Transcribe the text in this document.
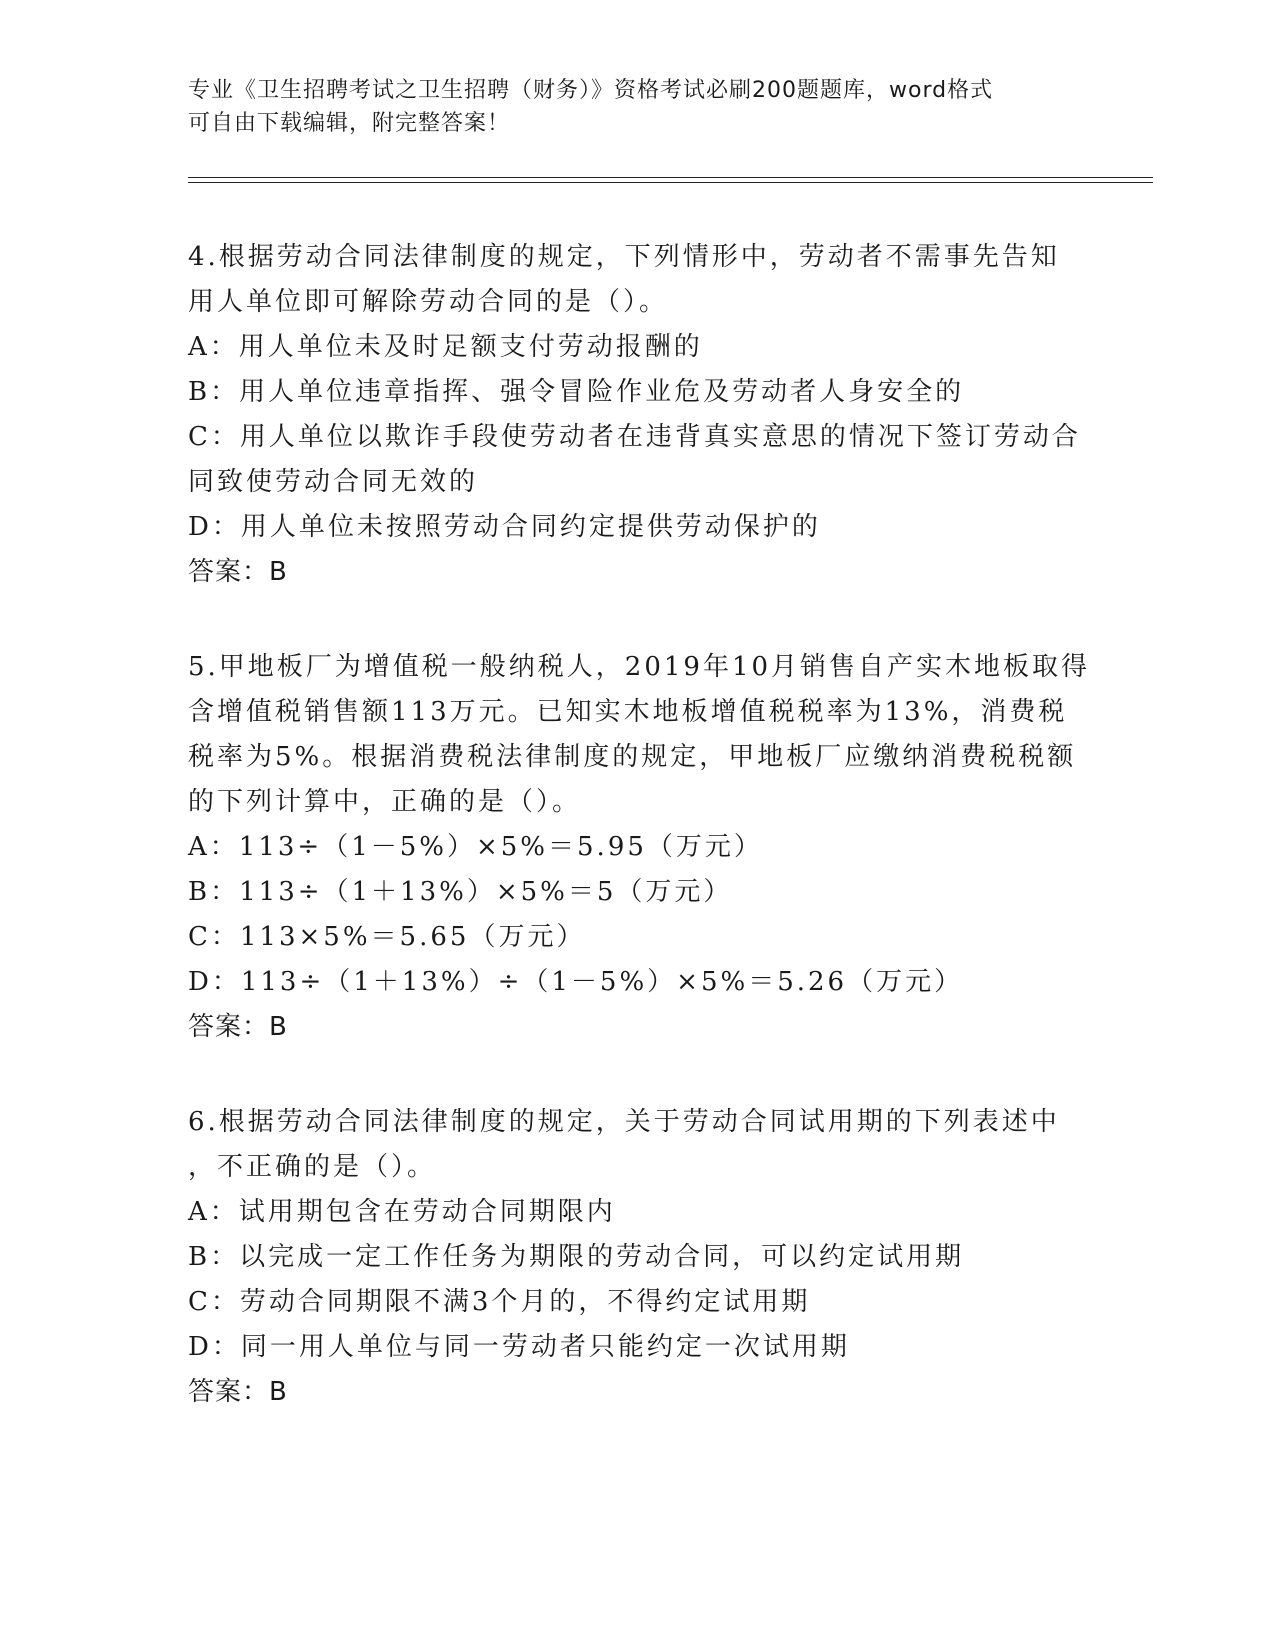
专业《卫生招聘考试之卫生招聘（财务）》资格考试必刷200题题库，word格式
可自由下载编辑，附完整答案！
4.根据劳动合同法律制度的规定，下列情形中，劳动者不需事先告知
用人单位即可解除劳动合同的是（）。
A：用人单位未及时足额支付劳动报酬的
B：用人单位违章指挥、强令冒险作业危及劳动者人身安全的
C：用人单位以欺诈手段使劳动者在违背真实意思的情况下签订劳动合
同致使劳动合同无效的
D：用人单位未按照劳动合同约定提供劳动保护的
答案：B
5.甲地板厂为增值税一般纳税人，2019年10月销售自产实木地板取得
含增值税销售额113万元。已知实木地板增值税税率为13%，消费税
税率为5%。根据消费税法律制度的规定，甲地板厂应缴纳消费税税额
的下列计算中，正确的是（）。
A：113÷（1－5%）×5%＝5.95（万元）
B：113÷（1＋13%）×5%＝5（万元）
C：113×5%＝5.65（万元）
D：113÷（1＋13%）÷（1－5%）×5%＝5.26（万元）
答案：B
6.根据劳动合同法律制度的规定，关于劳动合同试用期的下列表述中
，不正确的是（）。
A：试用期包含在劳动合同期限内
B：以完成一定工作任务为期限的劳动合同，可以约定试用期
C：劳动合同期限不满3个月的，不得约定试用期
D：同一用人单位与同一劳动者只能约定一次试用期
答案：B
